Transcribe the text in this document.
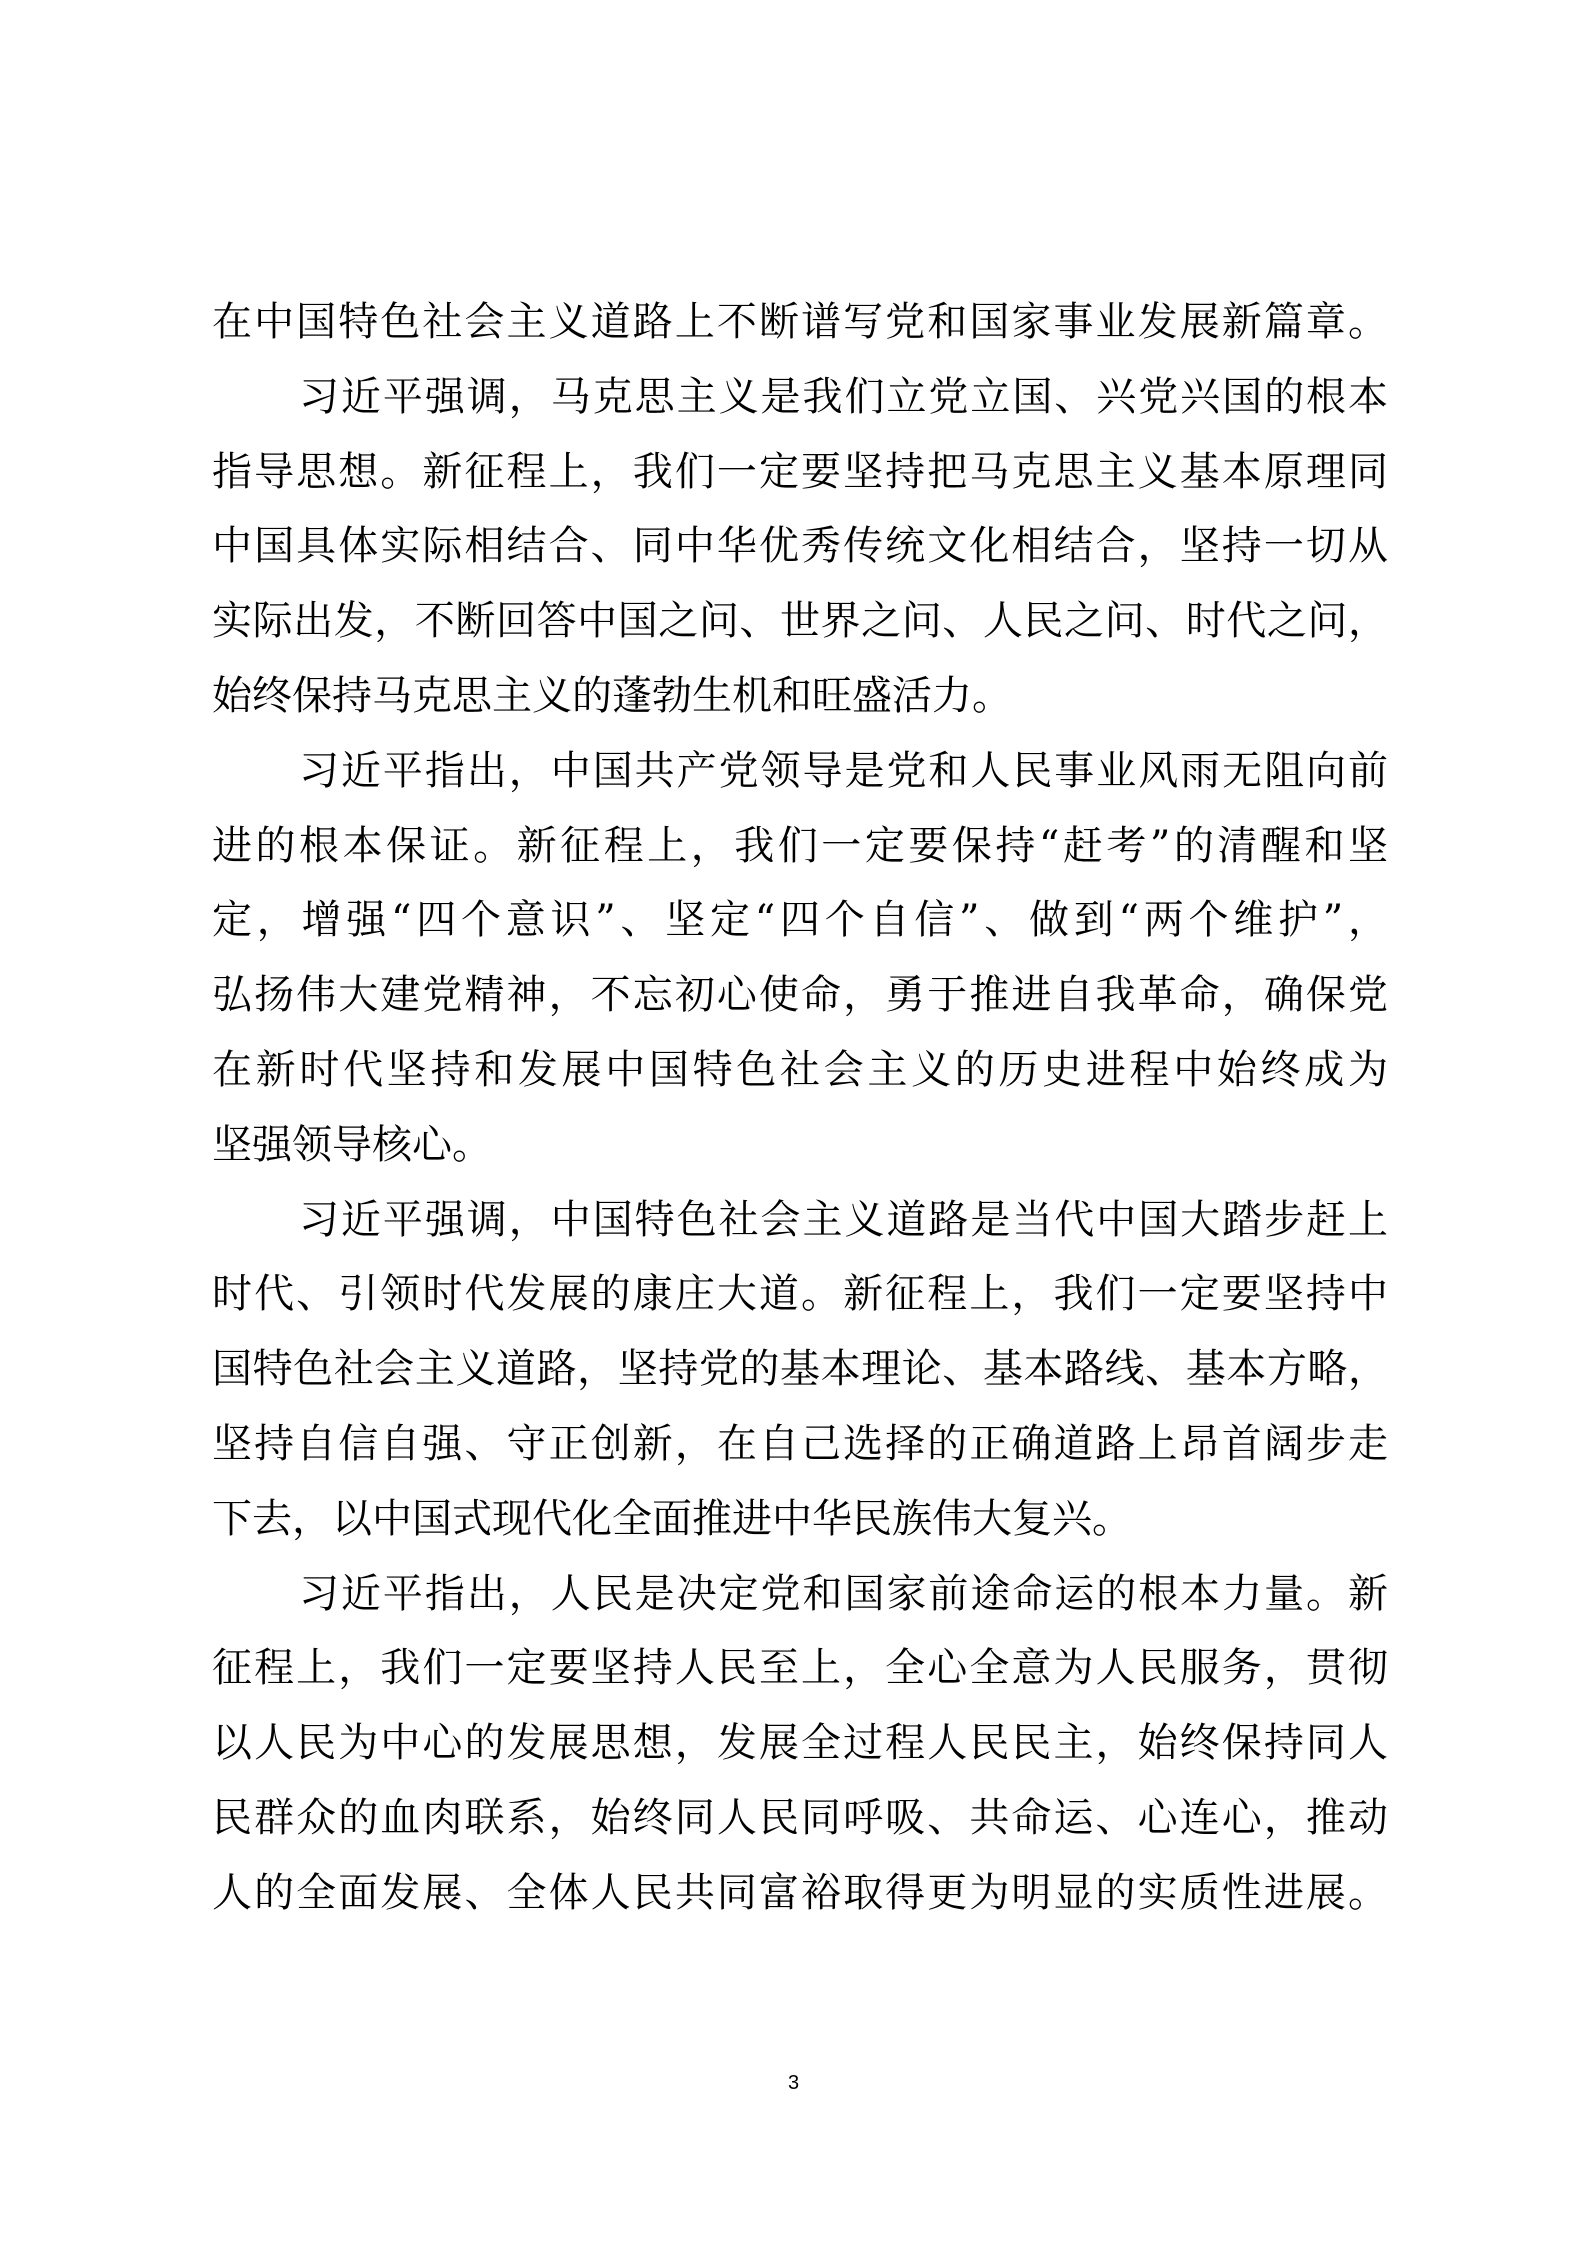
在中国特色社会主义道路上不断谱写党和国家事业发展新篇章。
习近平强调，马克思主义是我们立党立国、兴党兴国的根本
指导思想。新征程上，我们一定要坚持把马克思主义基本原理同
中国具体实际相结合、同中华优秀传统文化相结合，坚持一切从
实际出发，不断回答中国之问、世界之问、人民之问、时代之问，
始终保持马克思主义的蓬勃生机和旺盛活力。
习近平指出，中国共产党领导是党和人民事业风雨无阻向前
进的根本保证。新征程上，我们一定要保持“赶考”的清醒和坚
定，增强“四个意识”、坚定“四个自信”、做到“两个维护”，
弘扬伟大建党精神，不忘初心使命，勇于推进自我革命，确保党
在新时代坚持和发展中国特色社会主义的历史进程中始终成为
坚强领导核心。
习近平强调，中国特色社会主义道路是当代中国大踏步赶上
时代、引领时代发展的康庄大道。新征程上，我们一定要坚持中
国特色社会主义道路，坚持党的基本理论、基本路线、基本方略，
坚持自信自强、守正创新，在自己选择的正确道路上昂首阔步走
下去，以中国式现代化全面推进中华民族伟大复兴。
习近平指出，人民是决定党和国家前途命运的根本力量。新
征程上，我们一定要坚持人民至上，全心全意为人民服务，贯彻
以人民为中心的发展思想，发展全过程人民民主，始终保持同人
民群众的血肉联系，始终同人民同呼吸、共命运、心连心，推动
人的全面发展、全体人民共同富裕取得更为明显的实质性进展。
3
